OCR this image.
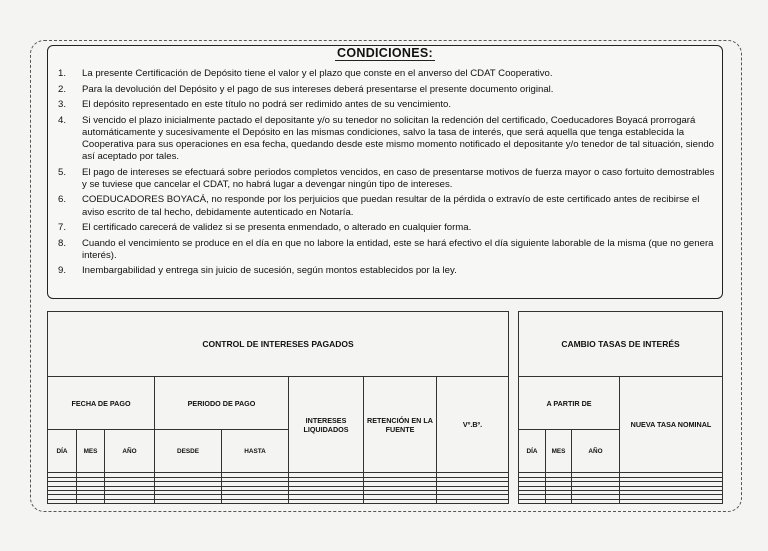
CONDICIONES:
1.	La presente Certificación de Depósito tiene el valor y el plazo que conste en el anverso del CDAT Cooperativo.
2.	Para la devolución del Depósito y el pago de sus intereses deberá presentarse el presente documento original.
3.	El depósito representado en este título no podrá ser redimido antes de su vencimiento.
4.	Si vencido el plazo inicialmente pactado el depositante y/o su tenedor no solicitan la redención del certificado, Coeducadores Boyacá prorrogará automáticamente y sucesivamente el Depósito en las mismas condiciones, salvo la tasa de interés, que será aquella que tenga establecida la Cooperativa para sus operaciones en esa fecha, quedando desde este mismo momento notificado el depositante y/o tenedor de tal situación, siendo así aceptado por tales.
5.	El pago de intereses se efectuará sobre periodos completos vencidos, en caso de presentarse motivos de fuerza mayor o caso fortuito demostrables y se tuviese que cancelar el CDAT, no habrá lugar a devengar ningún tipo de intereses.
6.	COEDUCADORES BOYACÁ, no responde por los perjuicios que puedan resultar de la pérdida o extravío de este certificado antes de recibirse el aviso escrito de tal hecho, debidamente autenticado en Notaría.
7.	El certificado carecerá de validez si se presenta enmendado, o alterado en cualquier forma.
8.	Cuando el vencimiento se produce en el día en que no labore la entidad, este se hará efectivo el día siguiente laborable de la misma (que no genera interés).
9.	Inembargabilidad y entrega sin juicio de sucesión, según montos establecidos por la ley.
CONTROL DE INTERESES PAGADOS							
FECHA DE PAGO			PERIODO DE PAGO		INTERESES LIQUIDADOS	RETENCIÓN EN LA FUENTE	Vº.Bº.
DÍA	MES	AÑO	DESDE	HASTA			

CAMBIO TASAS DE INTERÉS			
A PARTIR DE			NUEVA TASA NOMINAL
DÍA	MES	AÑO	
